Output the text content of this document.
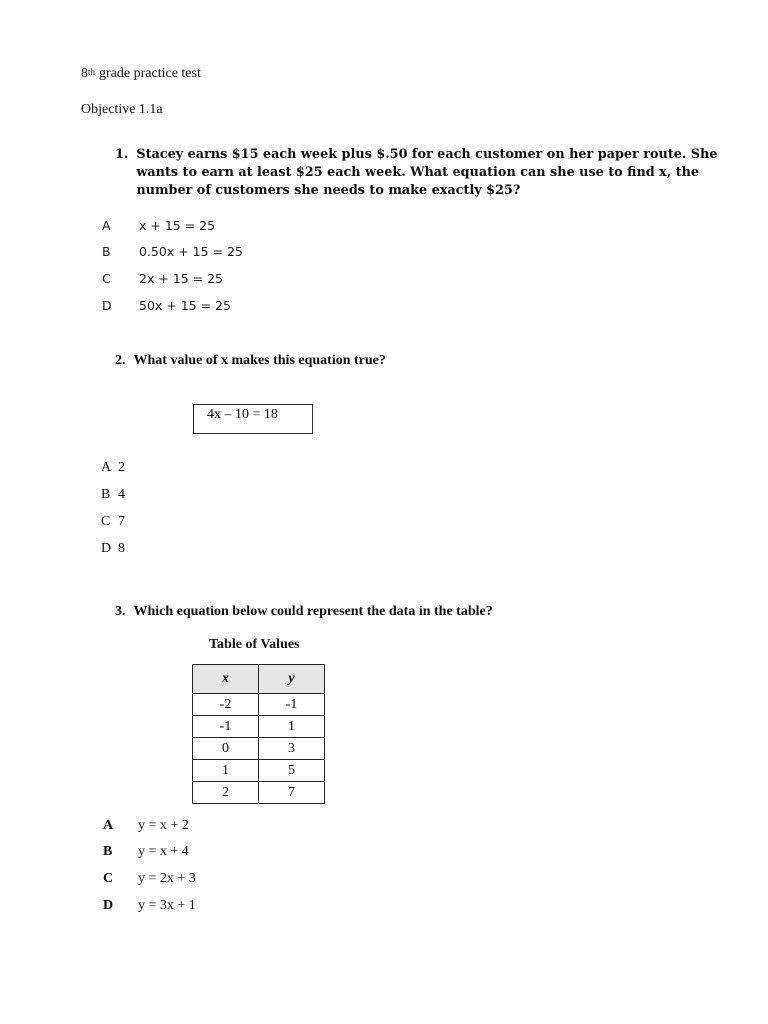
8th grade practice test
Objective 1.1a
1. Stacey earns $15 each week plus $.50 for each customer on her paper route. She
wants to earn at least $25 each week. What equation can she use to find x, the
number of customers she needs to make exactly $25?
A x + 15 = 25
B 0.50x + 15 = 25
C 2x + 15 = 25
D 50x + 15 = 25
2. What value of x makes this equation true?
4x – 10 = 18
A 2
B 4
C 7
D 8
3. Which equation below could represent the data in the table?
Table of Values
x	y
-2	-1
-1	1
0	3
1	5
2	7
A y = x + 2
B y = x + 4
C y = 2x + 3
D y = 3x + 1
